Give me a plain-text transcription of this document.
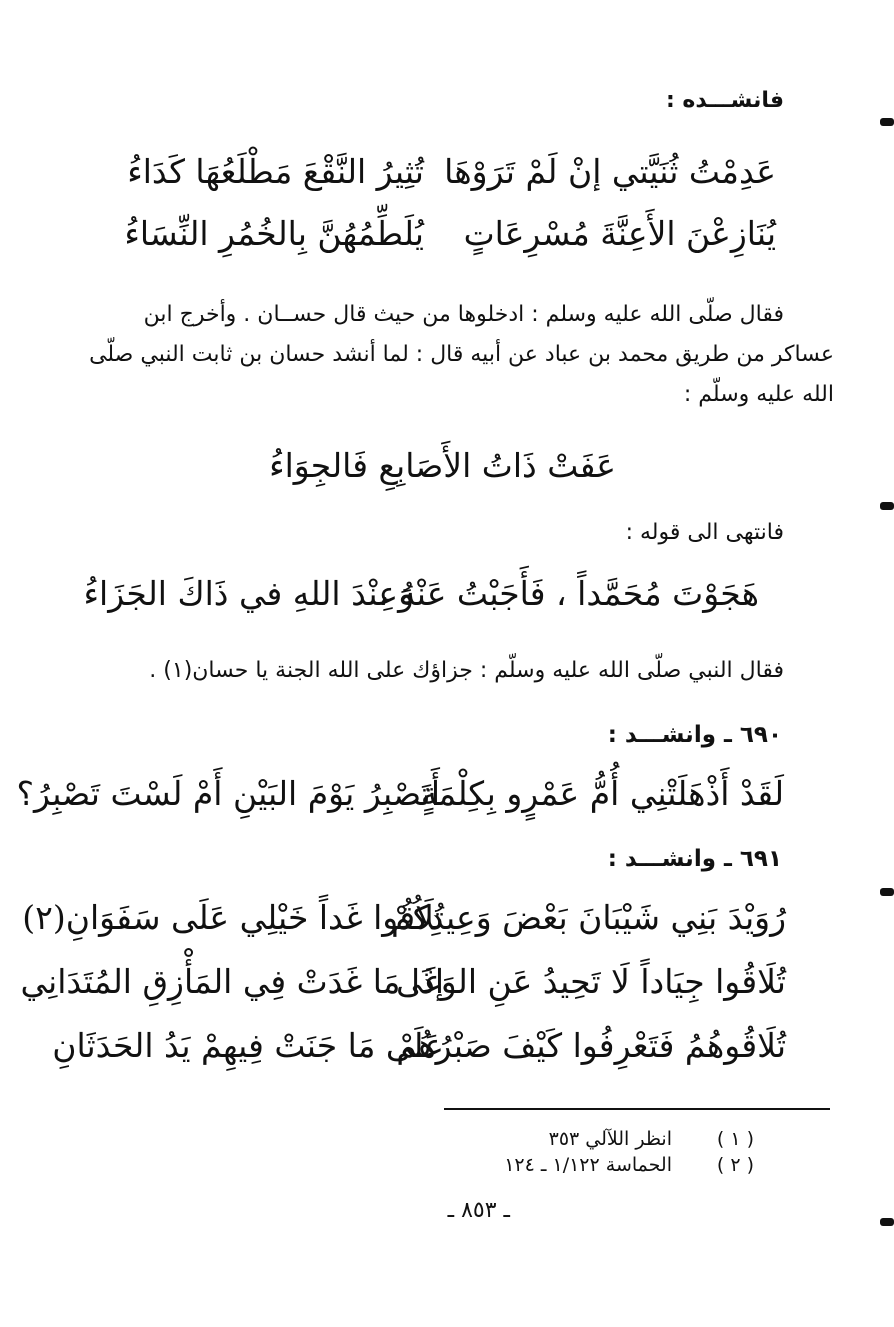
فانشـــده :
عَدِمْتُ ثُنَيَّتي إنْ لَمْ تَرَوْهَا
تُثِيرُ النَّقْعَ مَطْلَعُهَا كَدَاءُ
يُنَازِعْنَ الأَعِنَّةَ مُسْرِعَاتٍ
يُلَطِّمُهُنَّ بِالخُمُرِ النِّسَاءُ
فقال صلّى الله عليه وسلم : ادخلوها من حيث قال حســان . وأخرج ابن
عساكر من طريق محمد بن عباد عن أبيه قال : لما أنشد حسان بن ثابت النبي صلّى
الله عليه وسلّم :
عَفَتْ ذَاتُ الأَصَابِعِ فَالجِوَاءُ
فانتهى الى قوله :
هَجَوْتَ مُحَمَّداً ، فَأَجَبْتُ عَنْهُ ،
وَعِنْدَ اللهِ في ذَاكَ الجَزَاءُ
فقال النبي صلّى الله عليه وسلّم : جزاؤك على الله الجنة يا حسان(١) .
٦٩٠ ـ وانشـــد :
لَقَدْ أَذْهَلَتْنِي أُمُّ عَمْرٍو بِكِلْمَةٍ
أَتَصْبِرُ يَوْمَ البَيْنِ أَمْ لَسْتَ تَصْبِرُ؟
٦٩١ ـ وانشـــد :
رُوَيْدَ بَنِي شَيْبَانَ بَعْضَ وَعِيدِكُمْ
تُلَاقُوا غَداً خَيْلِي عَلَى سَفَوَانِ(٢)
تُلَاقُوا جِيَاداً لَا تَحِيدُ عَنِ الوَغَى
إذَا مَا غَدَتْ فِي المَأْزِقِ المُتَدَانِي
تُلَاقُوهُمُ فَتَعْرِفُوا كَيْفَ صَبْرُهُمْ
عَلَى مَا جَنَتْ فِيهِمْ يَدُ الحَدَثَانِ
( ١ )
انظر اللآلي ٣٥٣
( ٢ )
الحماسة ١/١٢٢ ـ ١٢٤
ـ ٨٥٣ ـ
